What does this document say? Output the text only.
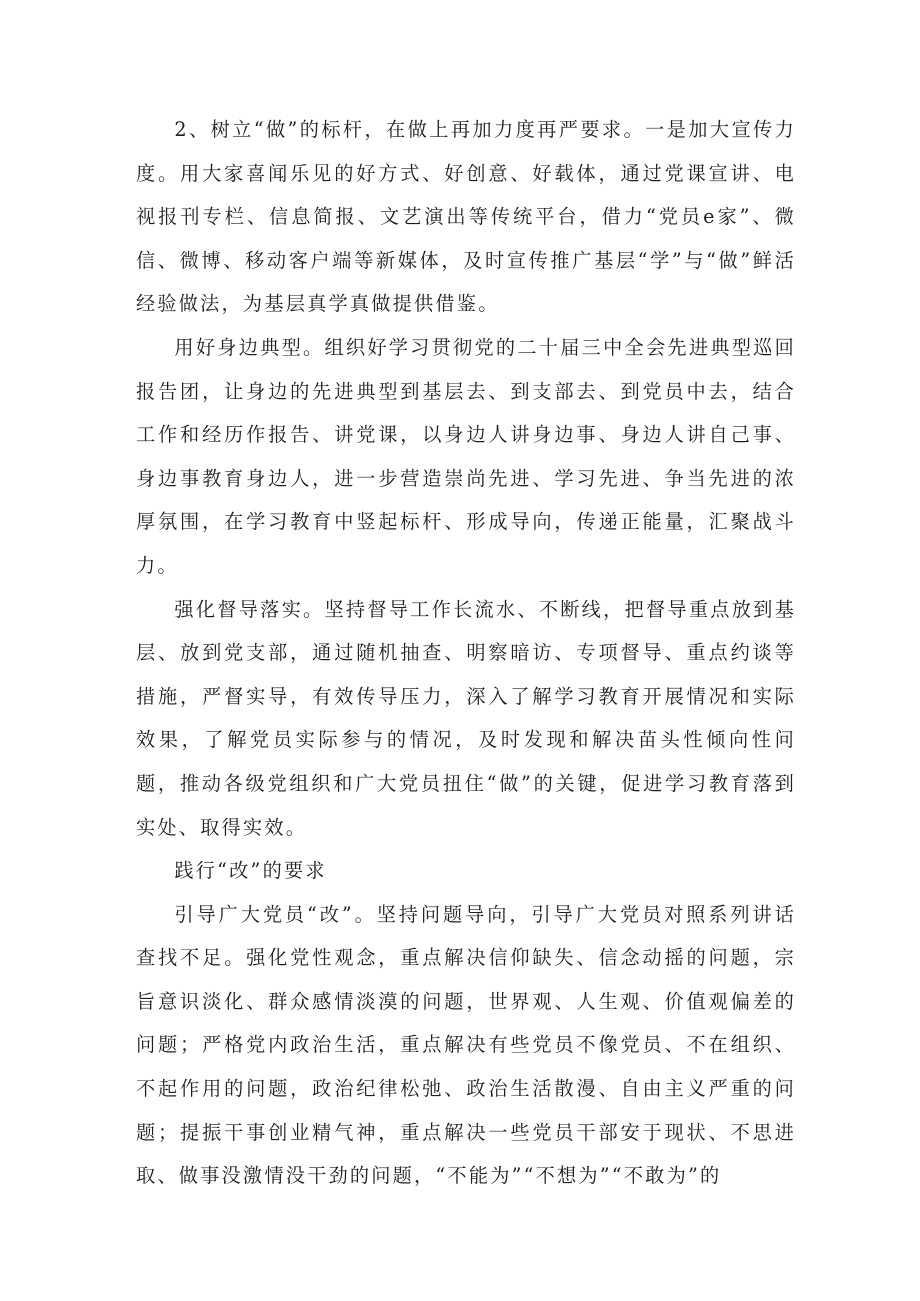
2、树立“做”的标杆，在做上再加力度再严要求。一是加大宣传力度。用大家喜闻乐见的好方式、好创意、好载体，通过党课宣讲、电视报刊专栏、信息简报、文艺演出等传统平台，借力“党员e家”、微信、微博、移动客户端等新媒体，及时宣传推广基层“学”与“做”鲜活经验做法，为基层真学真做提供借鉴。

用好身边典型。组织好学习贯彻党的二十届三中全会先进典型巡回报告团，让身边的先进典型到基层去、到支部去、到党员中去，结合工作和经历作报告、讲党课，以身边人讲身边事、身边人讲自己事、身边事教育身边人，进一步营造崇尚先进、学习先进、争当先进的浓厚氛围，在学习教育中竖起标杆、形成导向，传递正能量，汇聚战斗力。

强化督导落实。坚持督导工作长流水、不断线，把督导重点放到基层、放到党支部，通过随机抽查、明察暗访、专项督导、重点约谈等措施，严督实导，有效传导压力，深入了解学习教育开展情况和实际效果，了解党员实际参与的情况，及时发现和解决苗头性倾向性问题，推动各级党组织和广大党员扭住“做”的关键，促进学习教育落到实处、取得实效。

践行“改”的要求

引导广大党员“改”。坚持问题导向，引导广大党员对照系列讲话查找不足。强化党性观念，重点解决信仰缺失、信念动摇的问题，宗旨意识淡化、群众感情淡漠的问题，世界观、人生观、价值观偏差的问题；严格党内政治生活，重点解决有些党员不像党员、不在组织、不起作用的问题，政治纪律松弛、政治生活散漫、自由主义严重的问题；提振干事创业精气神，重点解决一些党员干部安于现状、不思进取、做事没激情没干劲的问题，“不能为”“不想为”“不敢为”的
